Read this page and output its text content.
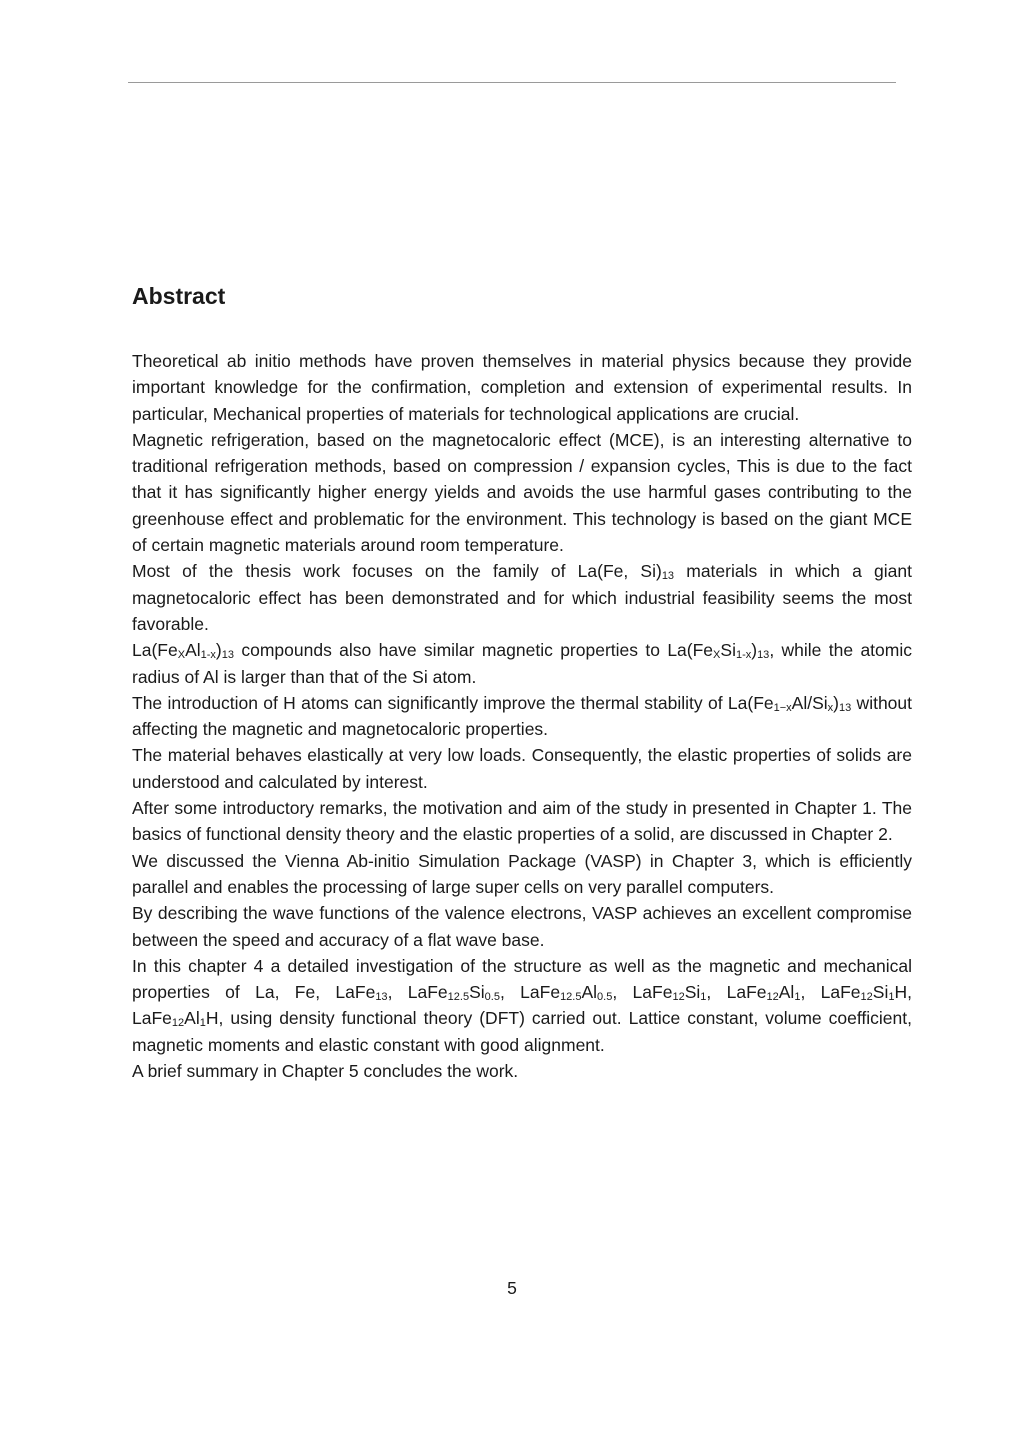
Abstract

Theoretical ab initio methods have proven themselves in material physics because they provide important knowledge for the confirmation, completion and extension of experimental results. In particular, Mechanical properties of materials for technological applications are crucial.

Magnetic refrigeration, based on the magnetocaloric effect (MCE), is an interesting alternative to traditional refrigeration methods, based on compression / expansion cycles, This is due to the fact that it has significantly higher energy yields and avoids the use harmful gases contributing to the greenhouse effect and problematic for the environment. This technology is based on the giant MCE of certain magnetic materials around room temperature.

Most of the thesis work focuses on the family of La(Fe, $Si)_{13}$ materials in which a giant magnetocaloric effect has been demonstrated and for which industrial feasibility seems the most favorable.

$La(Fe_XAl_{1-x})_{13}$ compounds also have similar magnetic properties to $La(Fe_XSi_{1-x})_{13}$, while the atomic radius of Al is larger than that of the Si atom.

The introduction of H atoms can significantly improve the thermal stability of $La(Fe_{1-x}Al/Si_x)_{13}$ without affecting the magnetic and magnetocaloric properties.

The material behaves elastically at very low loads. Consequently, the elastic properties of solids are understood and calculated by interest.

After some introductory remarks, the motivation and aim of the study in presented in Chapter 1. The basics of functional density theory and the elastic properties of a solid, are discussed in Chapter 2.

We discussed the Vienna Ab-initio Simulation Package (VASP) in Chapter 3, which is efficiently parallel and enables the processing of large super cells on very parallel computers.

By describing the wave functions of the valence electrons, VASP achieves an excellent compromise between the speed and accuracy of a flat wave base.

In this chapter 4 a detailed investigation of the structure as well as the magnetic and mechanical properties of La, Fe, LaFe$_{13}$, $LaFe_{12.5}Si_{0.5}$, $LaFe_{12.5}Al_{0.5}$, $LaFe_{12}Si_1$, $LaFe_{12}Al_1$, $LaFe_{12}Si_1H$, $LaFe_{12}Al_1H$, using density functional theory (DFT) carried out. Lattice constant, volume coefficient, magnetic moments and elastic constant with good alignment.

A brief summary in Chapter 5 concludes the work.

5
